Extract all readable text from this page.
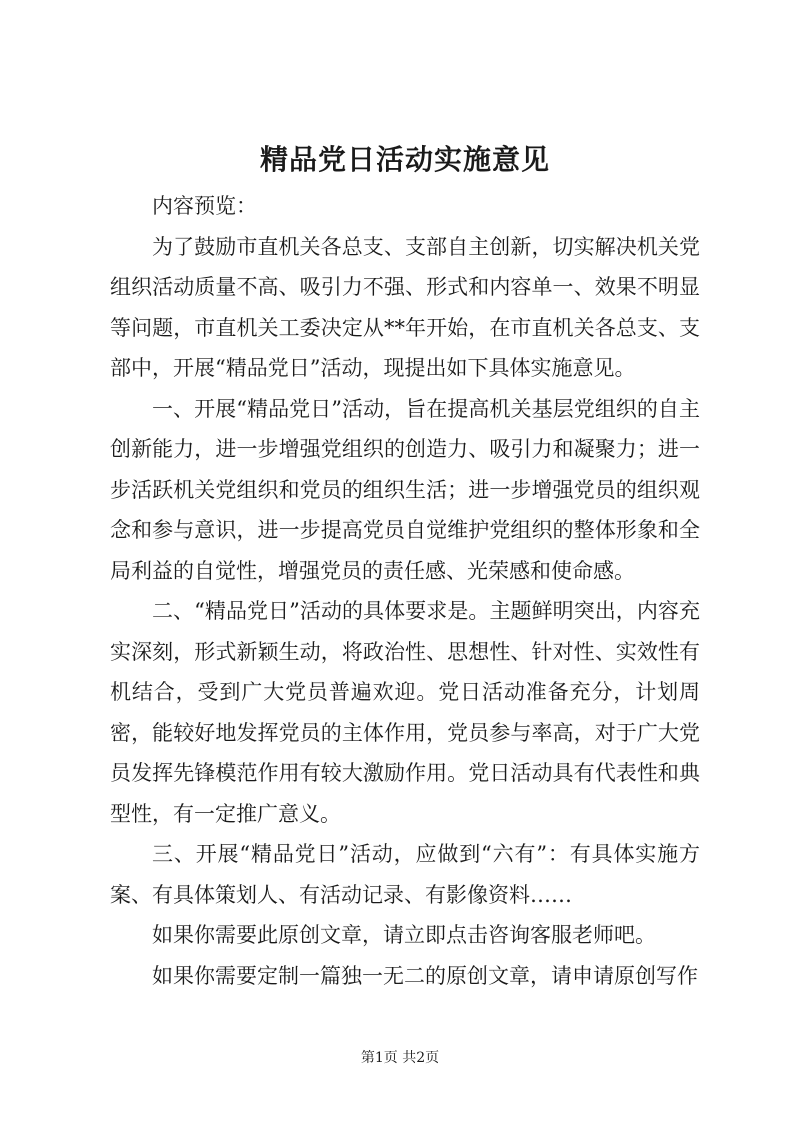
精品党日活动实施意见

内容预览：

为了鼓励市直机关各总支、支部自主创新，切实解决机关党组织活动质量不高、吸引力不强、形式和内容单一、效果不明显等问题，市直机关工委决定从**年开始，在市直机关各总支、支部中，开展“精品党日”活动，现提出如下具体实施意见。

一、开展“精品党日”活动，旨在提高机关基层党组织的自主创新能力，进一步增强党组织的创造力、吸引力和凝聚力；进一步活跃机关党组织和党员的组织生活；进一步增强党员的组织观念和参与意识，进一步提高党员自觉维护党组织的整体形象和全局利益的自觉性，增强党员的责任感、光荣感和使命感。

二、“精品党日”活动的具体要求是。主题鲜明突出，内容充实深刻，形式新颖生动，将政治性、思想性、针对性、实效性有机结合，受到广大党员普遍欢迎。党日活动准备充分，计划周密，能较好地发挥党员的主体作用，党员参与率高，对于广大党员发挥先锋模范作用有较大激励作用。党日活动具有代表性和典型性，有一定推广意义。

三、开展“精品党日”活动，应做到“六有”：有具体实施方案、有具体策划人、有活动记录、有影像资料……

如果你需要此原创文章，请立即点击咨询客服老师吧。

如果你需要定制一篇独一无二的原创文章，请申请原创写作

第1页 共2页
